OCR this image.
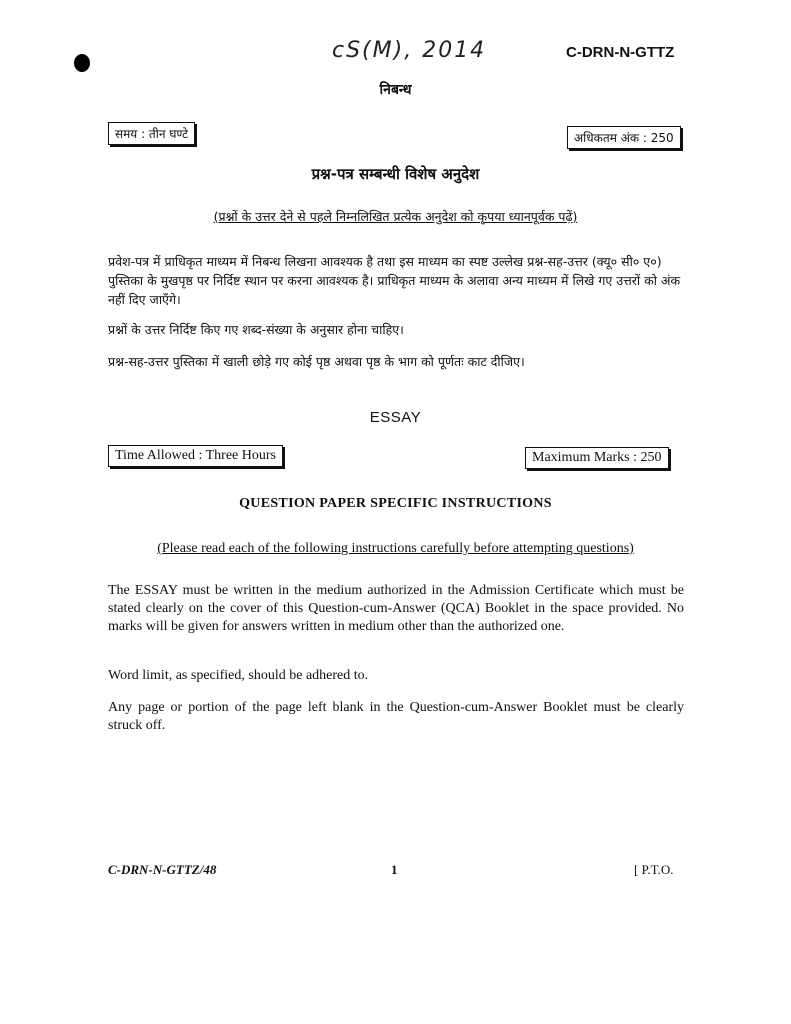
cS(M), 2014	C-DRN-N-GTTZ
निबन्ध
समय : तीन घण्टे	अधिकतम अंक : 250
प्रश्न-पत्र सम्बन्धी विशेष अनुदेश
(प्रश्नों के उत्तर देने से पहले निम्नलिखित प्रत्येक अनुदेश को कृपया ध्यानपूर्वक पढ़ें)
प्रवेश-पत्र में प्राधिकृत माध्यम में निबन्ध लिखना आवश्यक है तथा इस माध्यम का स्पष्ट उल्लेख प्रश्न-सह-उत्तर (क्यू० सी० ए०) पुस्तिका के मुखपृष्ठ पर निर्दिष्ट स्थान पर करना आवश्यक है। प्राधिकृत माध्यम के अलावा अन्य माध्यम में लिखे गए उत्तरों को अंक नहीं दिए जाएँगे।
प्रश्नों के उत्तर निर्दिष्ट किए गए शब्द-संख्या के अनुसार होना चाहिए।
प्रश्न-सह-उत्तर पुस्तिका में खाली छोड़े गए कोई पृष्ठ अथवा पृष्ठ के भाग को पूर्णतः काट दीजिए।
ESSAY
Time Allowed : Three Hours	Maximum Marks : 250
QUESTION PAPER SPECIFIC INSTRUCTIONS
(Please read each of the following instructions carefully before attempting questions)
The ESSAY must be written in the medium authorized in the Admission Certificate which must be stated clearly on the cover of this Question-cum-Answer (QCA) Booklet in the space provided. No marks will be given for answers written in medium other than the authorized one.
Word limit, as specified, should be adhered to.
Any page or portion of the page left blank in the Question-cum-Answer Booklet must be clearly struck off.
C-DRN-N-GTTZ/48	1	[ P.T.O.
